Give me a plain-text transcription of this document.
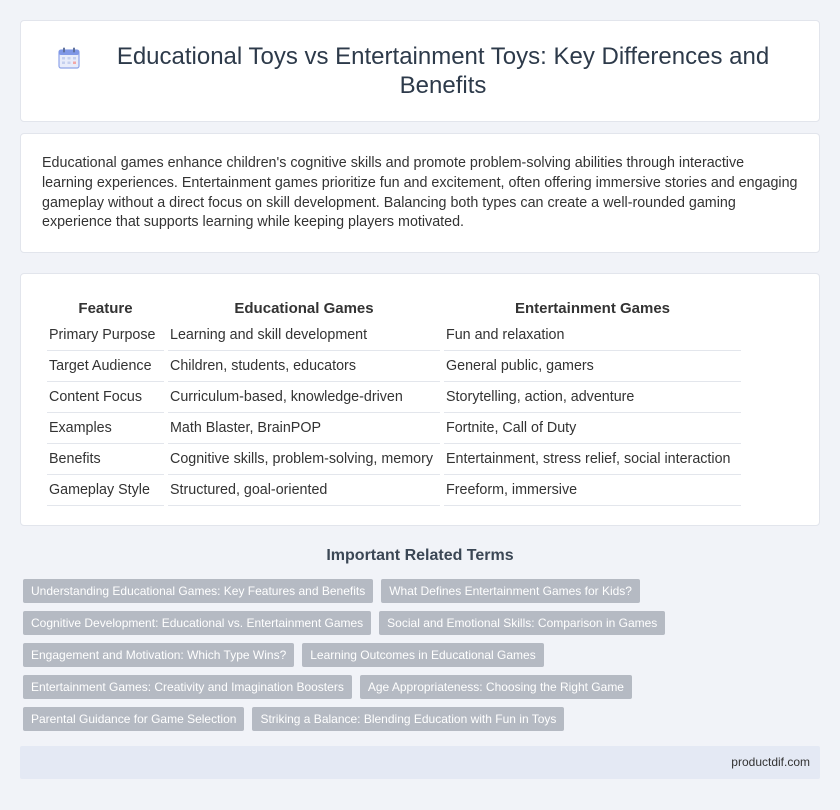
Educational Toys vs Entertainment Toys: Key Differences and Benefits

Educational games enhance children's cognitive skills and promote problem-solving abilities through interactive learning experiences. Entertainment games prioritize fun and excitement, often offering immersive stories and engaging gameplay without a direct focus on skill development. Balancing both types can create a well-rounded gaming experience that supports learning while keeping players motivated.

Feature	Educational Games	Entertainment Games
Primary Purpose	Learning and skill development	Fun and relaxation
Target Audience	Children, students, educators	General public, gamers
Content Focus	Curriculum-based, knowledge-driven	Storytelling, action, adventure
Examples	Math Blaster, BrainPOP	Fortnite, Call of Duty
Benefits	Cognitive skills, problem-solving, memory	Entertainment, stress relief, social interaction
Gameplay Style	Structured, goal-oriented	Freeform, immersive
Important Related Terms
Understanding Educational Games: Key Features and Benefits	What Defines Entertainment Games for Kids?
Cognitive Development: Educational vs. Entertainment Games	Social and Emotional Skills: Comparison in Games
Engagement and Motivation: Which Type Wins?	Learning Outcomes in Educational Games
Entertainment Games: Creativity and Imagination Boosters	Age Appropriateness: Choosing the Right Game
Parental Guidance for Game Selection	Striking a Balance: Blending Education with Fun in Toys
productdif.com
